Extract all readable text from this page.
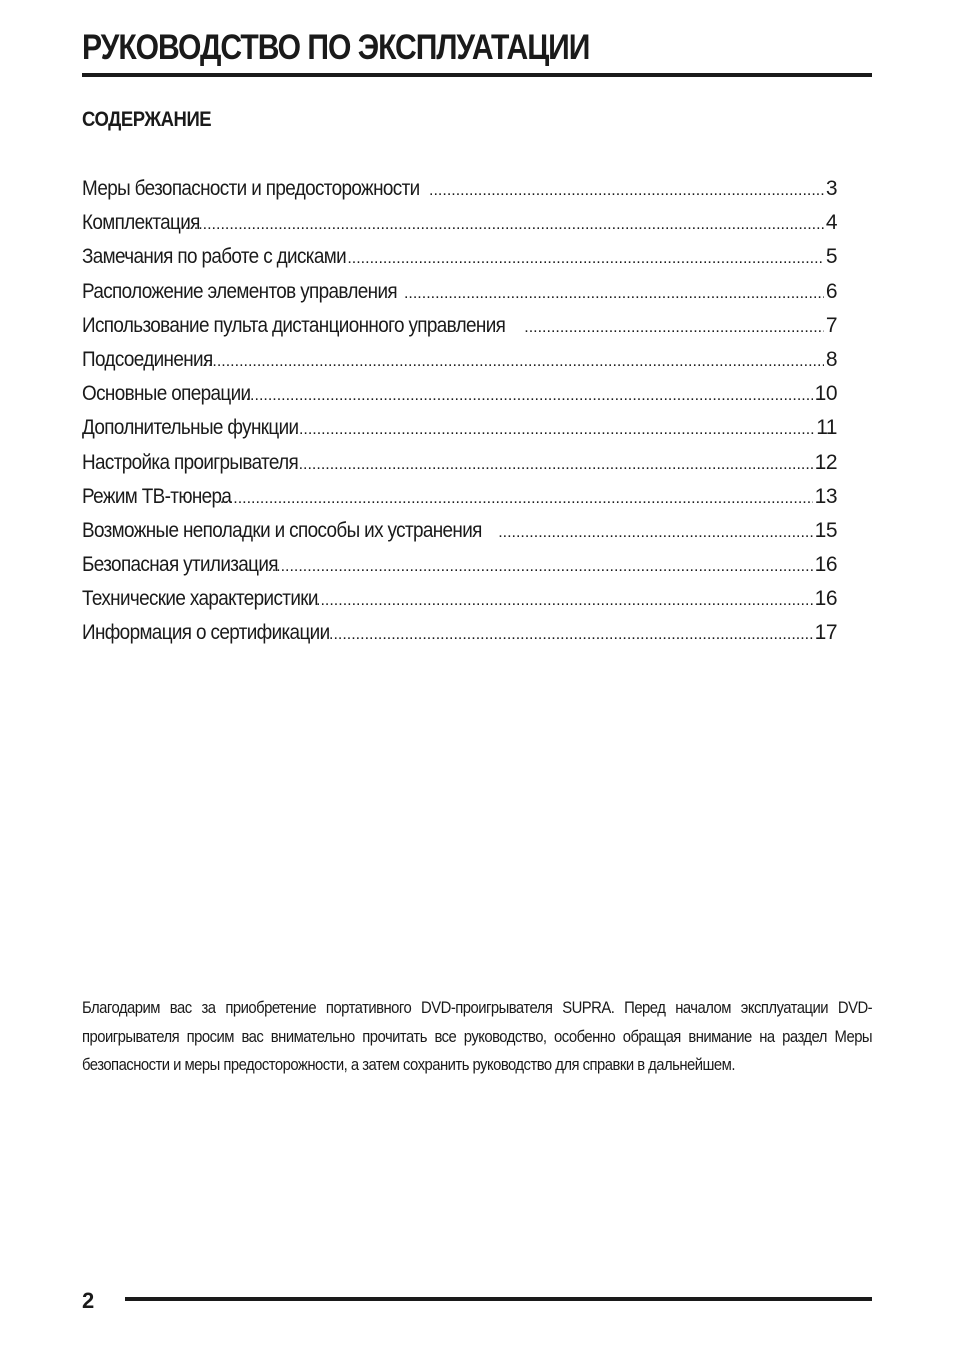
РУКОВОДСТВО ПО ЭКСПЛУАТАЦИИ
СОДЕРЖАНИЕ
Меры безопасности и предосторожности .....	3
Комплектация .....	4
Замечания по работе с дисками .....	5
Расположение элементов управления .....	6
Использование пульта дистанционного управления .....	7
Подсоединения .....	8
Основные операции .....	10
Дополнительные функции .....	11
Настройка проигрывателя .....	12
Режим ТВ-тюнера .....	13
Возможные неполадки и способы их устранения .....	15
Безопасная утилизация .....	16
Технические характеристики .....	16
Информация о сертификации .....	17

Благодарим вас за приобретение портативного DVD-проигрывателя SUPRA. Перед началом эксплуатации DVD-проигрывателя просим вас внимательно прочитать все руководство, особенно обращая внимание на раздел Меры безопасности и меры предосторожности, а затем сохранить руководство для справки в дальнейшем.

2
